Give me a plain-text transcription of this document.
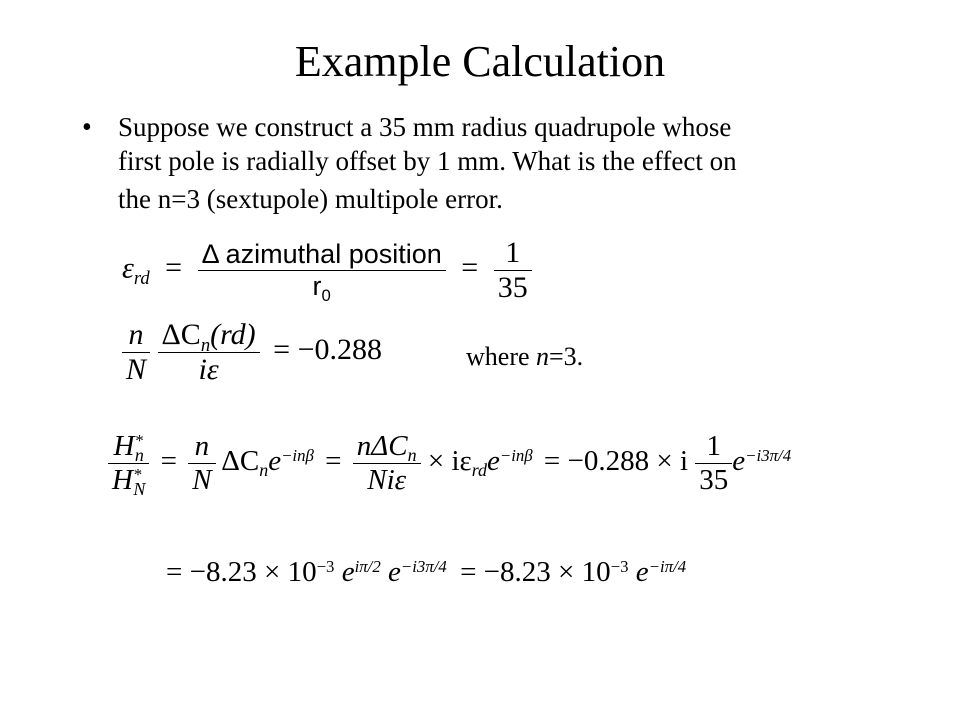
Example Calculation
• Suppose we construct a 35 mm radius quadrupole whose
first pole is radially offset by 1 mm. What is the effect on
the n=3 (sextupole) multipole error.
$\varepsilon_{rd} = \frac{\text{Δ azimuthal position}}{r_0} = \frac{1}{35}$
$\frac{n}{N}$
$\frac{\Delta C_n(rd)}{i\varepsilon} = -0.288$	where n=3.
$\frac{H^*_n}{H^*_N} = \frac{n}{N} \Delta C_ne^{-in\beta} = \frac{n\Delta C_n}{\text{Niε}} \times i\varepsilon_{rd}e^{-in\beta} = -0.288 \times i \frac{1}{35} e^{-i3\pi/4}$
= $-8.23 \times 10^{-3}$ $e^{i\pi/2}$ $e^{-i3\pi/4} = -8.23 \times 10^{-3}$ $e^{-i\pi/4}$
